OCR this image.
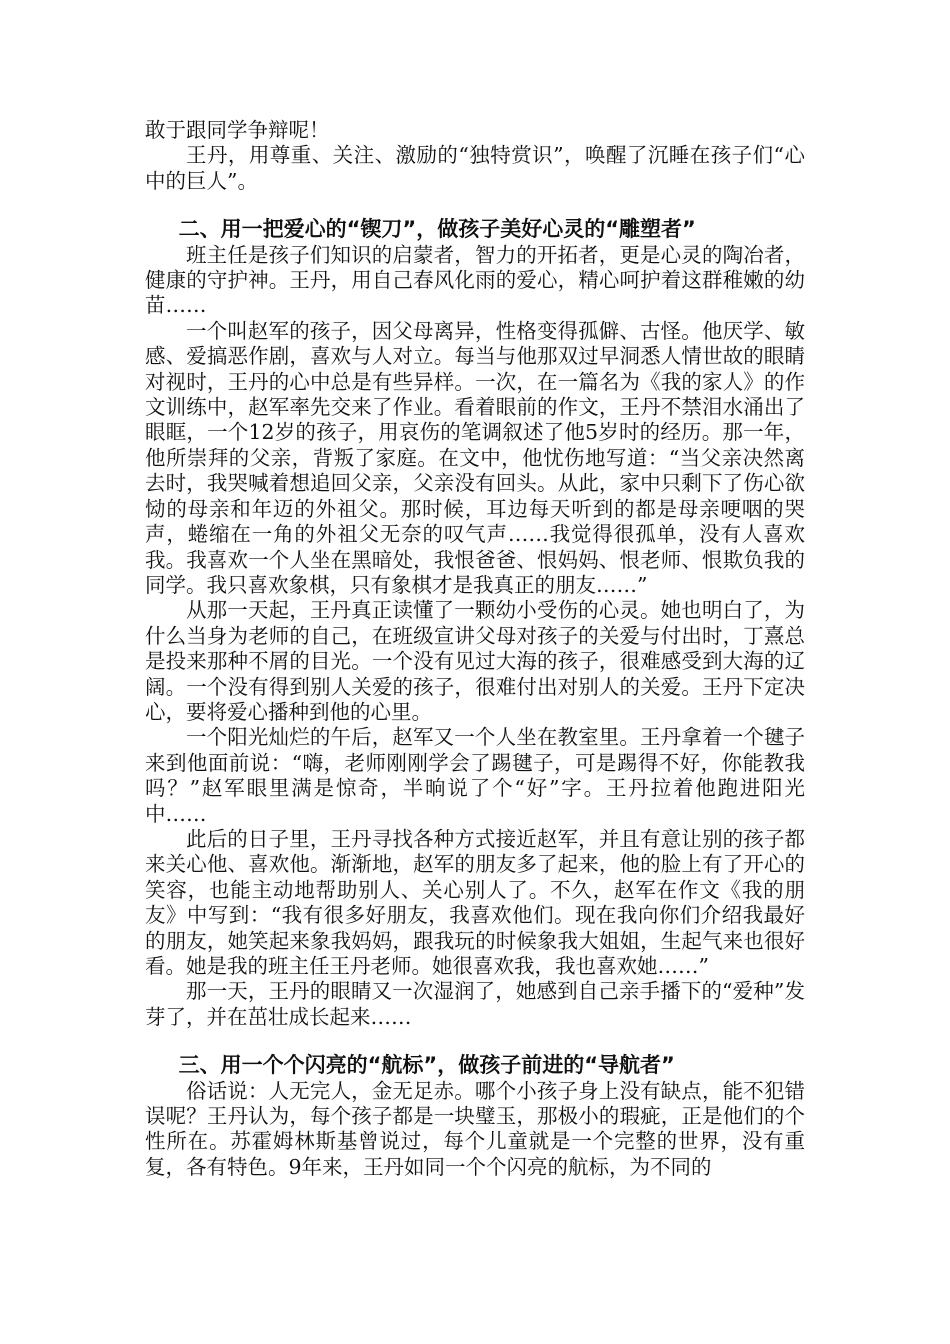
敢于跟同学争辩呢！

王丹，用尊重、关注、激励的“独特赏识”，唤醒了沉睡在孩子们“心中的巨人”。

二、用一把爱心的“锲刀”，做孩子美好心灵的“雕塑者”

班主任是孩子们知识的启蒙者，智力的开拓者，更是心灵的陶冶者，健康的守护神。王丹，用自己春风化雨的爱心，精心呵护着这群稚嫩的幼苗……

一个叫赵军的孩子，因父母离异，性格变得孤僻、古怪。他厌学、敏感、爱搞恶作剧，喜欢与人对立。每当与他那双过早洞悉人情世故的眼睛对视时，王丹的心中总是有些异样。一次，在一篇名为《我的家人》的作文训练中，赵军率先交来了作业。看着眼前的作文，王丹不禁泪水涌出了眼眶，一个12岁的孩子，用哀伤的笔调叙述了他5岁时的经历。那一年，他所崇拜的父亲，背叛了家庭。在文中，他忧伤地写道：“当父亲决然离去时，我哭喊着想追回父亲，父亲没有回头。从此，家中只剩下了伤心欲恸的母亲和年迈的外祖父。那时候，耳边每天听到的都是母亲哽咽的哭声，蜷缩在一角的外祖父无奈的叹气声……我觉得很孤单，没有人喜欢我。我喜欢一个人坐在黑暗处，我恨爸爸、恨妈妈、恨老师、恨欺负我的同学。我只喜欢象棋，只有象棋才是我真正的朋友……”

从那一天起，王丹真正读懂了一颗幼小受伤的心灵。她也明白了，为什么当身为老师的自己，在班级宣讲父母对孩子的关爱与付出时，丁熹总是投来那种不屑的目光。一个没有见过大海的孩子，很难感受到大海的辽阔。一个没有得到别人关爱的孩子，很难付出对别人的关爱。王丹下定决心，要将爱心播种到他的心里。

一个阳光灿烂的午后，赵军又一个人坐在教室里。王丹拿着一个毽子来到他面前说：“嗨，老师刚刚学会了踢毽子，可是踢得不好，你能教我吗？”赵军眼里满是惊奇，半晌说了个“好”字。王丹拉着他跑进阳光中……

此后的日子里，王丹寻找各种方式接近赵军，并且有意让别的孩子都来关心他、喜欢他。渐渐地，赵军的朋友多了起来，他的脸上有了开心的笑容，也能主动地帮助别人、关心别人了。不久，赵军在作文《我的朋友》中写到：“我有很多好朋友，我喜欢他们。现在我向你们介绍我最好的朋友，她笑起来象我妈妈，跟我玩的时候象我大姐姐，生起气来也很好看。她是我的班主任王丹老师。她很喜欢我，我也喜欢她……”

那一天，王丹的眼睛又一次湿润了，她感到自己亲手播下的“爱种”发芽了，并在茁壮成长起来……

三、用一个个闪亮的“航标”，做孩子前进的“导航者”

俗话说：人无完人，金无足赤。哪个小孩子身上没有缺点，能不犯错误呢？王丹认为，每个孩子都是一块璧玉，那极小的瑕疵，正是他们的个性所在。苏霍姆林斯基曾说过，每个儿童就是一个完整的世界，没有重复，各有特色。9年来，王丹如同一个个闪亮的航标，为不同的
